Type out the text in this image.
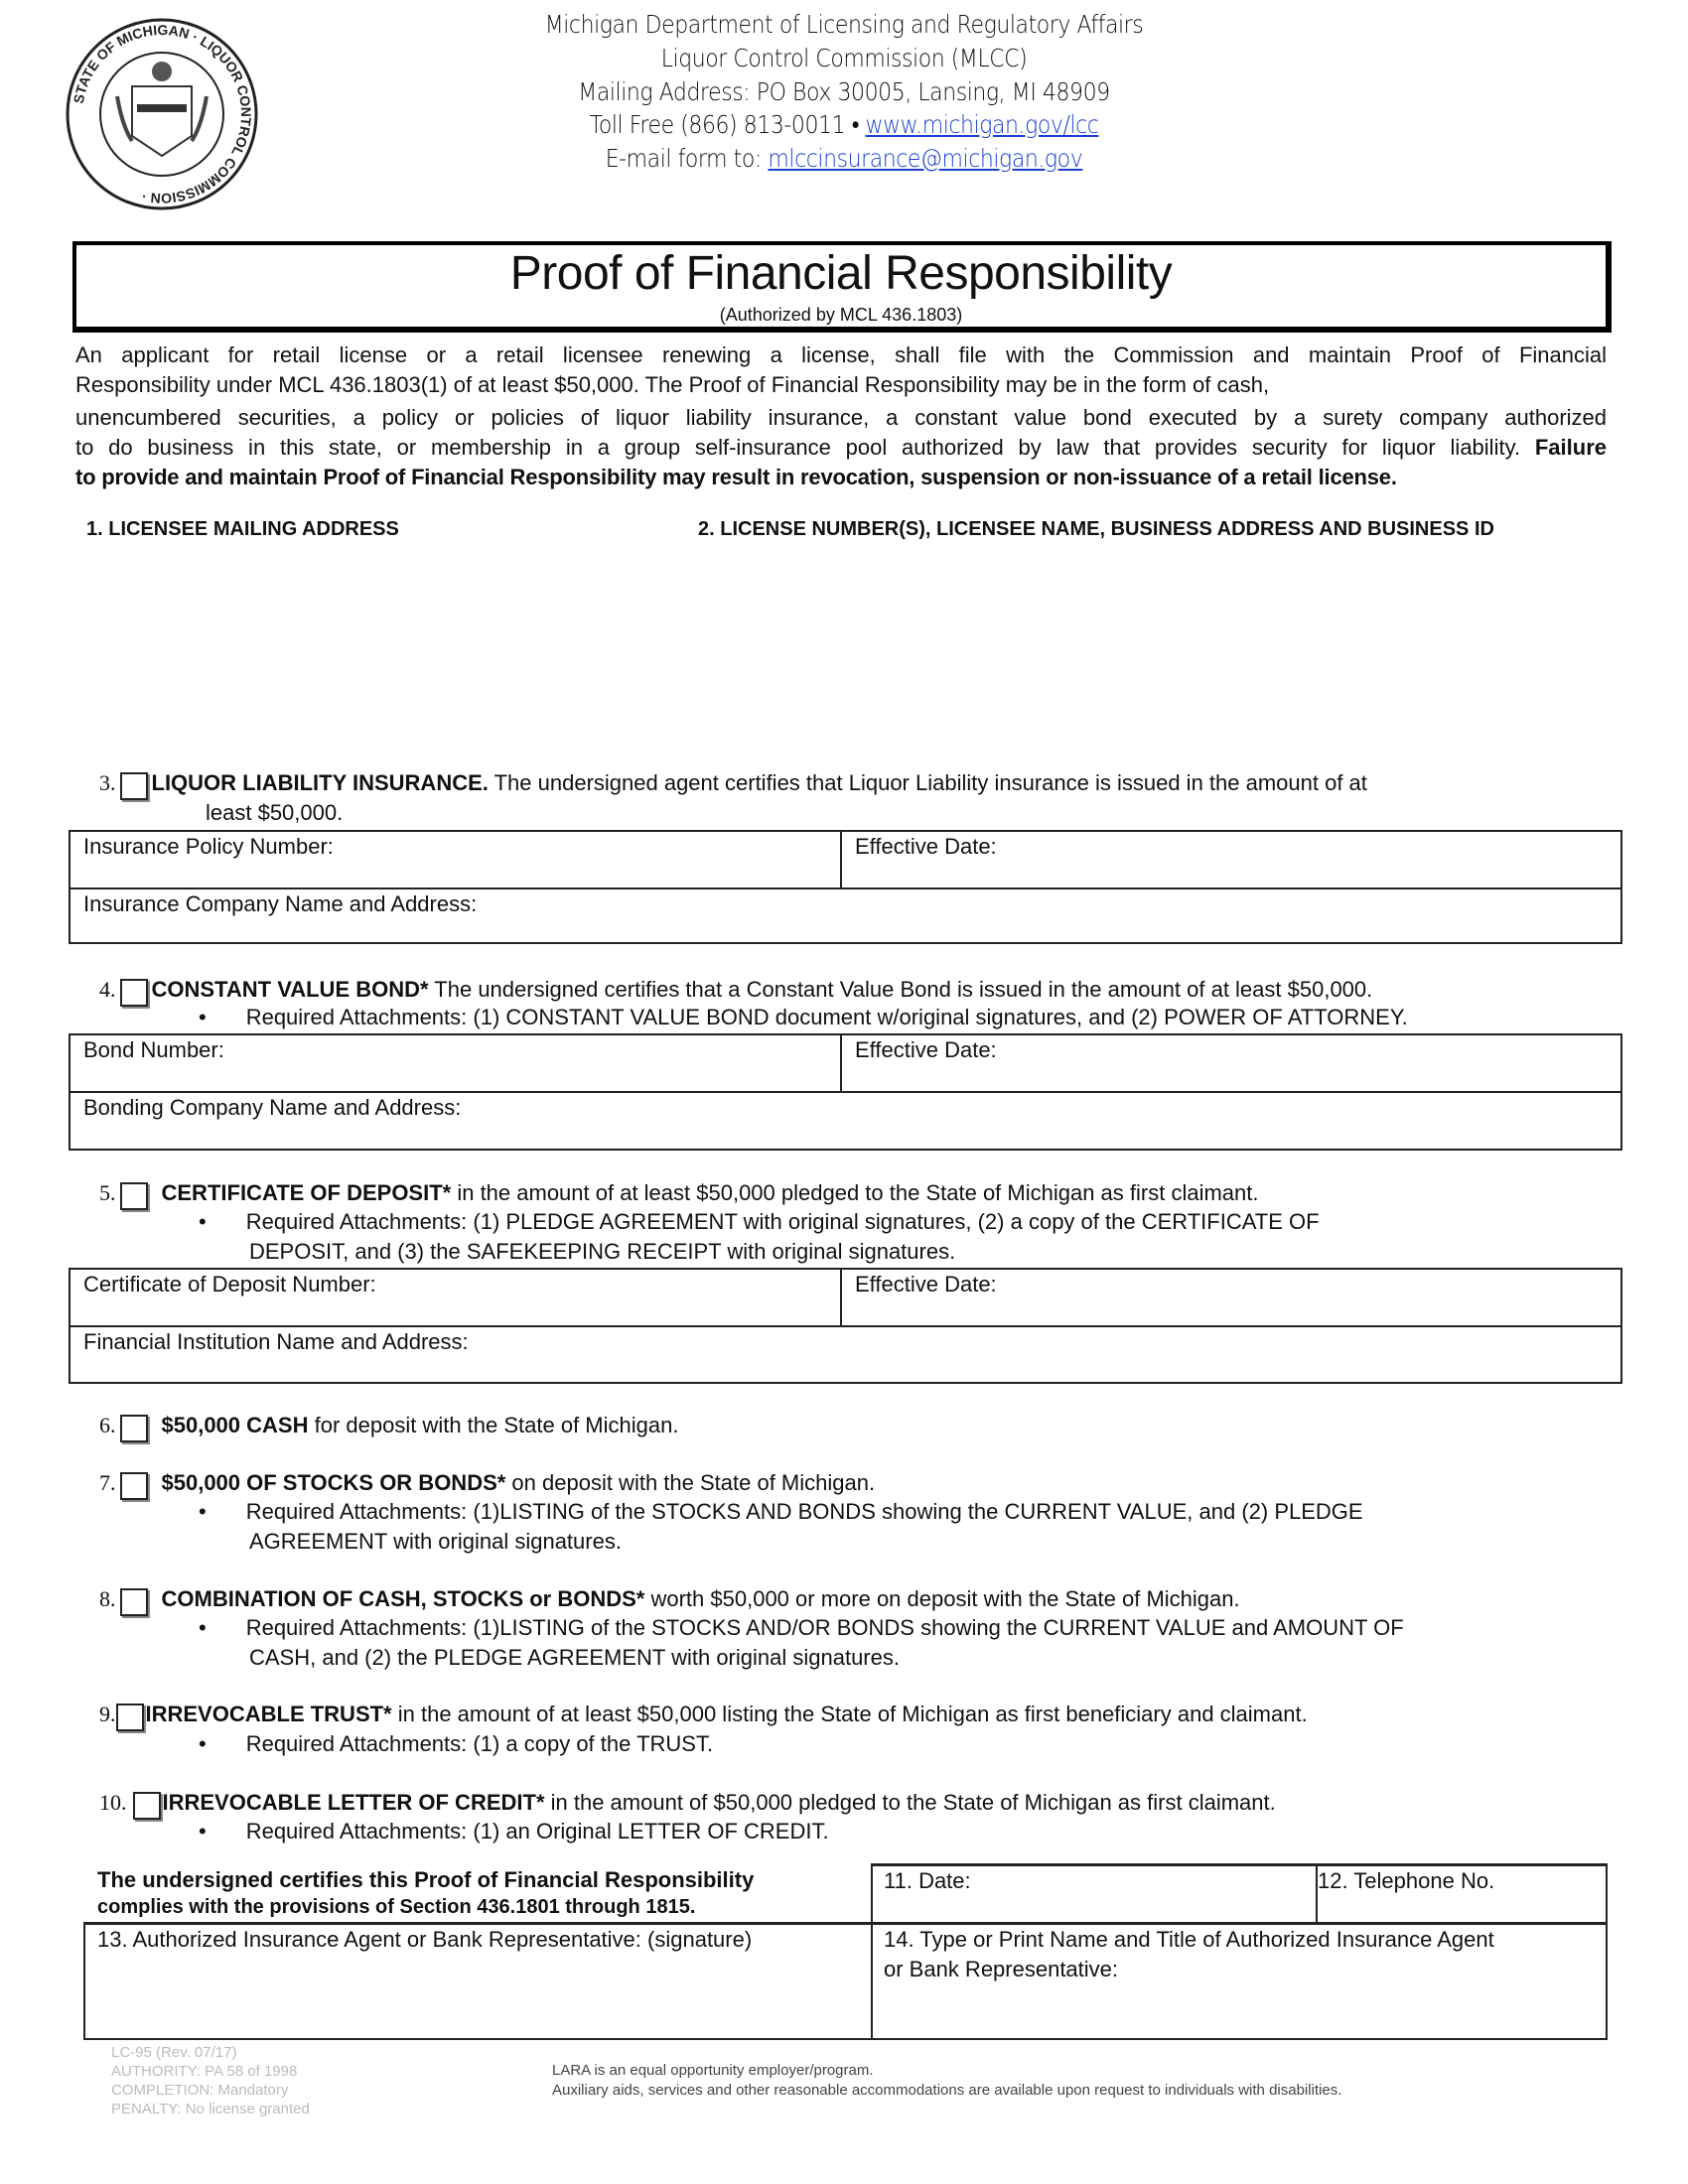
STATE OF MICHIGAN · LIQUOR CONTROL COMMISSION ·
Michigan Department of Licensing and Regulatory Affairs
Liquor Control Commission (MLCC)
Mailing Address: PO Box 30005, Lansing, MI 48909
Toll Free (866) 813-0011 • www.michigan.gov/lcc
E-mail form to: mlccinsurance@michigan.gov
Proof of Financial Responsibility
(Authorized by MCL 436.1803)

An applicant for retail license or a retail licensee renewing a license, shall file with the Commission and maintain Proof of Financial

Responsibility under MCL 436.1803(1) of at least $50,000. The Proof of Financial Responsibility may be in the form of cash,

unencumbered securities, a policy or policies of liquor liability insurance, a constant value bond executed by a surety company authorized

to do business in this state, or membership in a group self-insurance pool authorized by law that provides security for liquor liability. Failure

to provide and maintain Proof of Financial Responsibility may result in revocation, suspension or non-issuance of a retail license.

1. LICENSEE MAILING ADDRESS	2. LICENSE NUMBER(S), LICENSEE NAME, BUSINESS ADDRESS AND BUSINESS ID
3. LIQUOR LIABILITY INSURANCE. The undersigned agent certifies that Liquor Liability insurance is issued in the amount of at
least $50,000.
Insurance Policy Number:	Effective Date:
Insurance Company Name and Address:
4. CONSTANT VALUE BOND* The undersigned certifies that a Constant Value Bond is issued in the amount of at least $50,000.
• Required Attachments: (1) CONSTANT VALUE BOND document w/original signatures, and (2) POWER OF ATTORNEY.
Bond Number:	Effective Date:
Bonding Company Name and Address:
5. CERTIFICATE OF DEPOSIT* in the amount of at least $50,000 pledged to the State of Michigan as first claimant.
• Required Attachments: (1) PLEDGE AGREEMENT with original signatures, (2) a copy of the CERTIFICATE OF
DEPOSIT, and (3) the SAFEKEEPING RECEIPT with original signatures.
Certificate of Deposit Number:	Effective Date:
Financial Institution Name and Address:
6. $50,000 CASH for deposit with the State of Michigan.
7. $50,000 OF STOCKS OR BONDS* on deposit with the State of Michigan.
• Required Attachments: (1)LISTING of the STOCKS AND BONDS showing the CURRENT VALUE, and (2) PLEDGE
AGREEMENT with original signatures.
8. COMBINATION OF CASH, STOCKS or BONDS* worth $50,000 or more on deposit with the State of Michigan.
• Required Attachments: (1)LISTING of the STOCKS AND/OR BONDS showing the CURRENT VALUE and AMOUNT OF
CASH, and (2) the PLEDGE AGREEMENT with original signatures.
9. IRREVOCABLE TRUST* in the amount of at least $50,000 listing the State of Michigan as first beneficiary and claimant.
• Required Attachments: (1) a copy of the TRUST.
10. IRREVOCABLE LETTER OF CREDIT* in the amount of $50,000 pledged to the State of Michigan as first claimant.
• Required Attachments: (1) an Original LETTER OF CREDIT.
The undersigned certifies this Proof of Financial Responsibility
complies with the provisions of Section 436.1801 through 1815.
11. Date:	12. Telephone No.
13. Authorized Insurance Agent or Bank Representative: (signature)	14. Type or Print Name and Title of Authorized Insurance Agent
or Bank Representative:
LC-95 (Rev. 07/17)
AUTHORITY: PA 58 of 1998
COMPLETION: Mandatory
PENALTY: No license granted
LARA is an equal opportunity employer/program.
Auxiliary aids, services and other reasonable accommodations are available upon request to individuals with disabilities.
